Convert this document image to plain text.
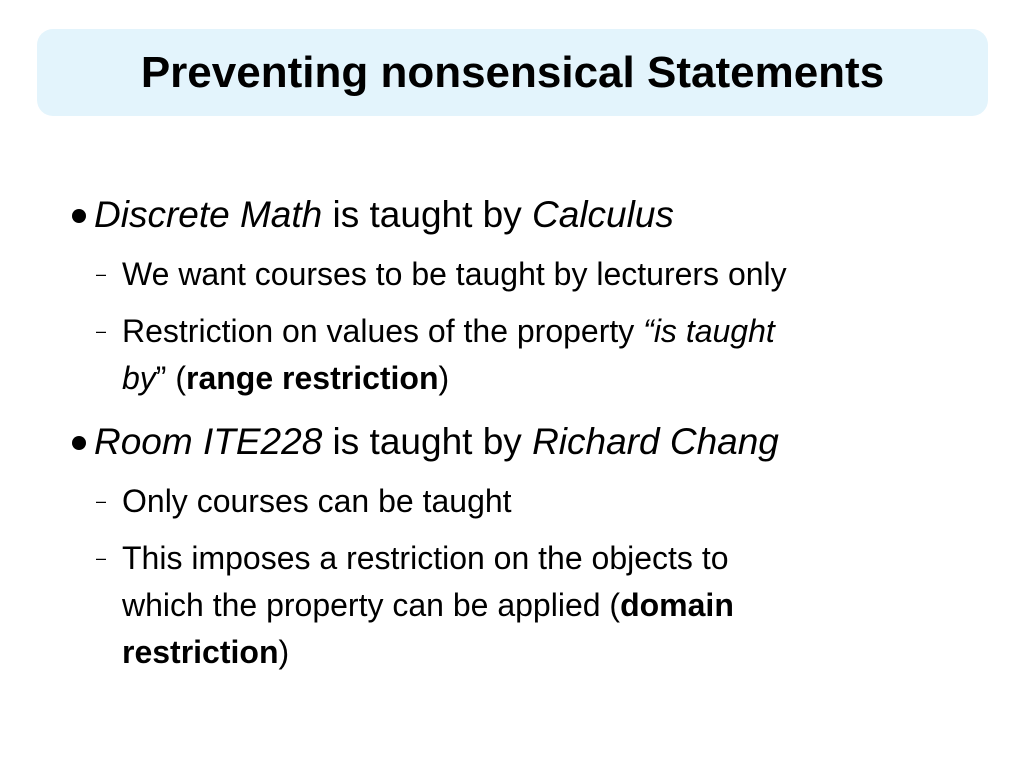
Preventing nonsensical Statements
Discrete Math is taught by Calculus
– We want courses to be taught by lecturers only
– Restriction on values of the property “is taught
by” (range restriction)
Room ITE228 is taught by Richard Chang
– Only courses can be taught
– This imposes a restriction on the objects to
which the property can be applied (domain
restriction)
